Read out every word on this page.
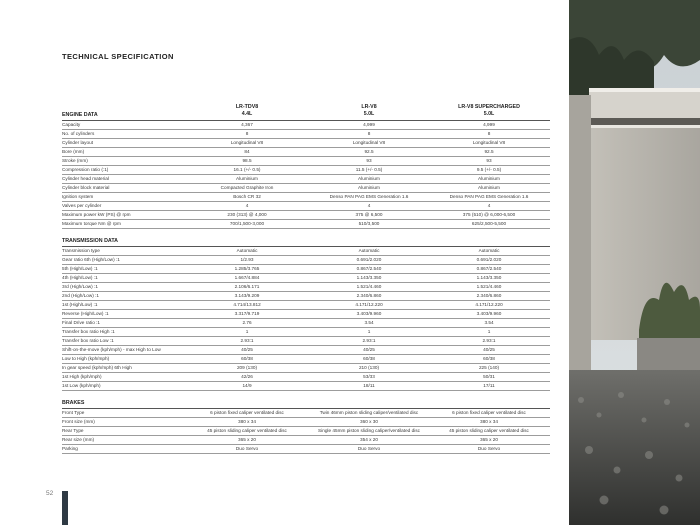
TECHNICAL SPECIFICATION
ENGINE DATA
LR-TDV8
4.4L
LR-V8
5.0L
LR-V8 SUPERCHARGED
5.0L
Capacity	4,367	4,999	4,999
No. of cylinders	8	8	8
Cylinder layout	Longitudinal V8	Longitudinal V8	Longitudinal V8
Bore (mm)	84	92.5	92.5
Stroke (mm)	98.5	93	93
Compression ratio (:1)	16.1 (+/- 0.5)	11.5 (+/- 0.5)	9.5 (+/- 0.5)
Cylinder head material	Aluminium	Aluminium	Aluminium
Cylinder block material	Compacted Graphite Iron	Aluminium	Aluminium
Ignition system	Bosch CR 32	Denso PAN PAG EMS Generation 1.6	Denso PAN PAG EMS Generation 1.6
Valves per cylinder	4	4	4
Maximum power kW (PS) @ rpm	230 (313) @ 4,000	375 @ 6,500	375 (510) @ 6,000-6,500
Maximum torque Nm @ rpm	700/1,500-3,000	510/3,500	625/2,500-5,500
TRANSMISSION DATA
Transmission type	Automatic	Automatic	Automatic
Gear ratio 6th (High/Low) :1	1/2.93	0.691/2.020	0.691/2.020
5th (High/Low) :1	1.285/3.765	0.867/2.540	0.867/2.540
4th (High/Low) :1	1.667/4.884	1.143/3.350	1.143/3.350
3rd (High/Low) :1	2.106/6.171	1.521/4.460	1.521/4.460
2nd (High/Low) :1	3.143/9.209	2.340/6.860	2.340/6.860
1st (High/Low) :1	4.714/13.812	4.171/12.220	4.171/12.220
Reverse (High/Low) :1	3.317/9.719	3.403/9.960	3.403/9.960
Final Drive ratio :1	2.76	3.54	3.54
Transfer box ratio High :1	1	1	1
Transfer box ratio Low :1	2.93:1	2.93:1	2.93:1
Shift-on-the-move (kph/mph) - max High to Low	40/25	40/25	40/25
Low to High (kph/mph)	60/38	60/38	60/38
In gear speed (kph/mph) 6th High	209 (130)	210 (130)	225 (140)
1st High (kph/mph)	42/26	53/33	50/31
1st Low (kph/mph)	14/9	18/11	17/11
BRAKES
Front Type	6 piston fixed caliper ventilated disc	Twin 46mm piston sliding caliper/ventilated disc	6 piston fixed caliper ventilated disc
Front size (mm)	380 x 34	360 x 30	380 x 34
Rear Type	45 piston sliding caliper ventilated disc	Single 45mm piston sliding caliper/ventilated disc	45 piston sliding caliper ventilated disc
Rear size (mm)	365 x 20	354 x 20	365 x 20
Parking	Duo Servo	Duo Servo	Duo Servo
52
